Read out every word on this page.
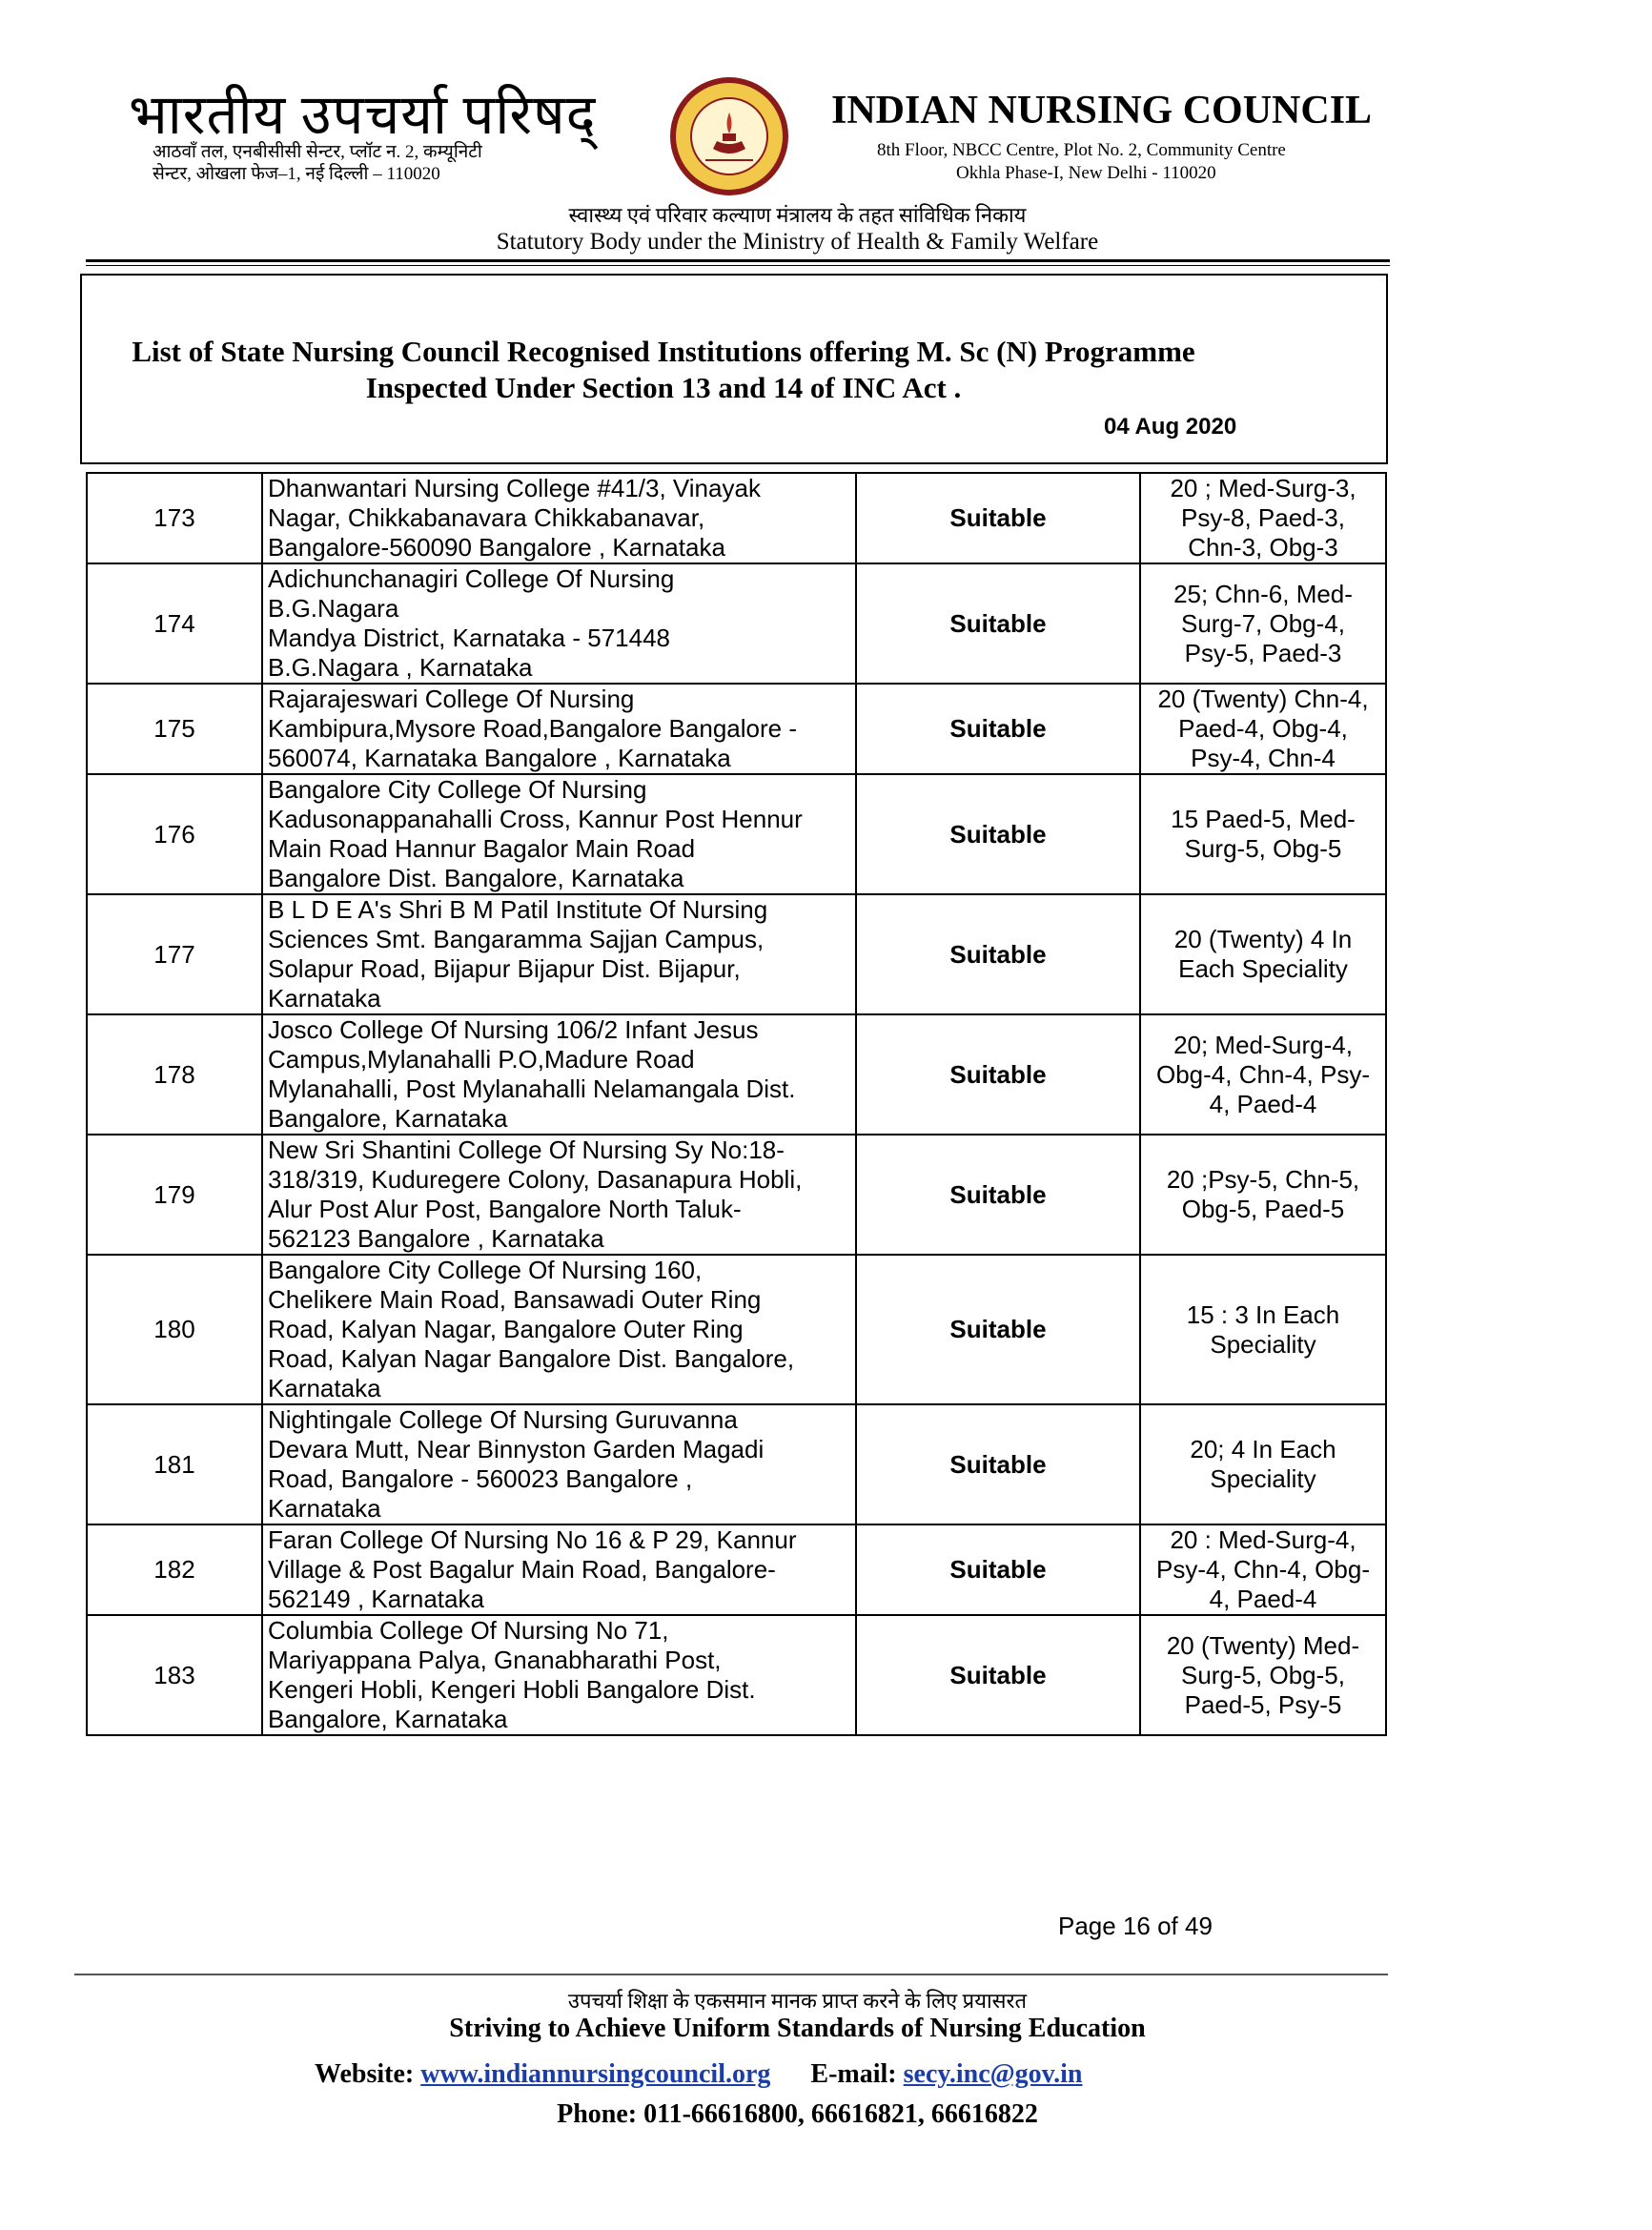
भारतीय उपचर्या परिषद्
आठवाँ तल, एनबीसीसी सेन्टर, प्लॉट न. 2, कम्यूनिटी
सेन्टर, ओखला फेज–1, नई दिल्ली – 110020
INDIAN NURSING COUNCIL
8th Floor, NBCC Centre, Plot No. 2, Community Centre
Okhla Phase-I, New Delhi - 110020
स्वास्थ्य एवं परिवार कल्याण मंत्रालय के तहत सांविधिक निकाय
Statutory Body under the Ministry of Health & Family Welfare
List of State Nursing Council Recognised Institutions offering M. Sc (N) Programme
Inspected Under Section 13 and 14 of INC Act .
04 Aug 2020
173	Dhanwantari Nursing College #41/3, Vinayak
Nagar, Chikkabanavara Chikkabanavar,
Bangalore-560090 Bangalore , Karnataka	Suitable	20 ; Med-Surg-3,
Psy-8, Paed-3,
Chn-3, Obg-3
174	Adichunchanagiri College Of Nursing
B.G.Nagara
Mandya District, Karnataka - 571448
B.G.Nagara , Karnataka	Suitable	25; Chn-6, Med-
Surg-7, Obg-4,
Psy-5, Paed-3
175	Rajarajeswari College Of Nursing
Kambipura,Mysore Road,Bangalore Bangalore -
560074, Karnataka Bangalore , Karnataka	Suitable	20 (Twenty) Chn-4,
Paed-4, Obg-4,
Psy-4, Chn-4
176	Bangalore City College Of Nursing
Kadusonappanahalli Cross, Kannur Post Hennur
Main Road Hannur Bagalor Main Road
Bangalore Dist. Bangalore, Karnataka	Suitable	15 Paed-5, Med-
Surg-5, Obg-5
177	B L D E A's Shri B M Patil Institute Of Nursing
Sciences Smt. Bangaramma Sajjan Campus,
Solapur Road, Bijapur Bijapur Dist. Bijapur,
Karnataka	Suitable	20 (Twenty) 4 In
Each Speciality
178	Josco College Of Nursing 106/2 Infant Jesus
Campus,Mylanahalli P.O,Madure Road
Mylanahalli, Post Mylanahalli Nelamangala Dist.
Bangalore, Karnataka	Suitable	20; Med-Surg-4,
Obg-4, Chn-4, Psy-
4, Paed-4
179	New Sri Shantini College Of Nursing Sy No:18-
318/319, Kuduregere Colony, Dasanapura Hobli,
Alur Post Alur Post, Bangalore North Taluk-
562123 Bangalore , Karnataka	Suitable	20 ;Psy-5, Chn-5,
Obg-5, Paed-5
180	Bangalore City College Of Nursing 160,
Chelikere Main Road, Bansawadi Outer Ring
Road, Kalyan Nagar, Bangalore Outer Ring
Road, Kalyan Nagar Bangalore Dist. Bangalore,
Karnataka	Suitable	15 : 3 In Each
Speciality
181	Nightingale College Of Nursing Guruvanna
Devara Mutt, Near Binnyston Garden Magadi
Road, Bangalore - 560023 Bangalore ,
Karnataka	Suitable	20; 4 In Each
Speciality
182	Faran College Of Nursing No 16 & P 29, Kannur
Village & Post Bagalur Main Road, Bangalore-
562149 , Karnataka	Suitable	20 : Med-Surg-4,
Psy-4, Chn-4, Obg-
4, Paed-4
183	Columbia College Of Nursing No 71,
Mariyappana Palya, Gnanabharathi Post,
Kengeri Hobli, Kengeri Hobli Bangalore Dist.
Bangalore, Karnataka	Suitable	20 (Twenty) Med-
Surg-5, Obg-5,
Paed-5, Psy-5
Page 16 of 49
उपचर्या शिक्षा के एकसमान मानक प्राप्त करने के लिए प्रयासरत
Striving to Achieve Uniform Standards of Nursing Education
Website: www.indiannursingcouncil.org E-mail: secy.inc@gov.in
Phone: 011-66616800, 66616821, 66616822
